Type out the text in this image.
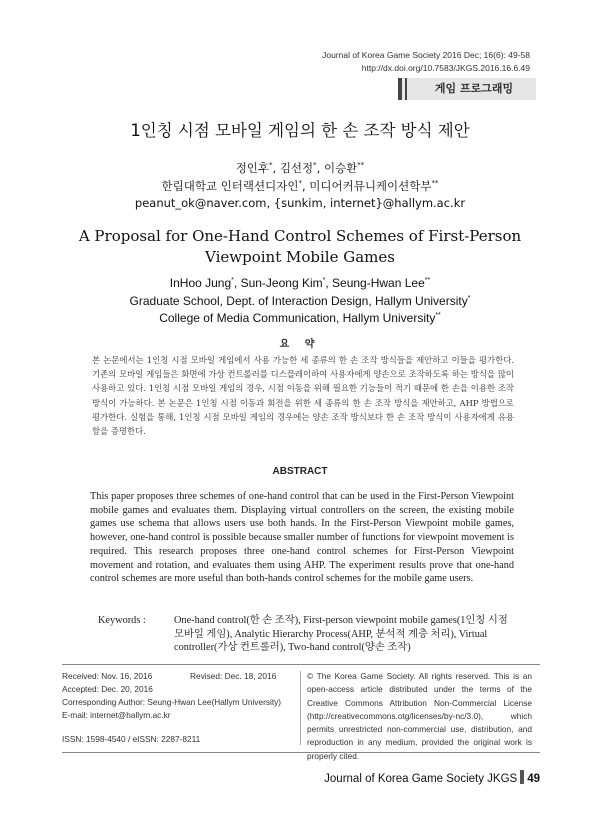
Journal of Korea Game Society 2016 Dec; 16(6): 49-58
http://dx.doi.org/10.7583/JKGS.2016.16.6.49
게임 프로그래밍
1인칭 시점 모바일 게임의 한 손 조작 방식 제안
정인후*, 김선정*, 이승환**
한림대학교 인터랙션디자인*, 미디어커뮤니케이션학부**
peanut_ok@naver.com, {sunkim, internet}@hallym.ac.kr
A Proposal for One-Hand Control Schemes of First-Person Viewpoint Mobile Games
InHoo Jung*, Sun-Jeong Kim*, Seung-Hwan Lee**
Graduate School, Dept. of Interaction Design, Hallym University*
College of Media Communication, Hallym University**
요 약
본 논문에서는 1인칭 시점 모바일 게임에서 사용 가능한 세 종류의 한 손 조작 방식들을 제안하고 이들을 평가한다. 기존의 모바일 게임들은 화면에 가상 컨트롤러를 디스플레이하여 사용자에게 양손으로 조작하도록 하는 방식을 많이 사용하고 있다. 1인칭 시점 모바일 게임의 경우, 시점 이동을 위해 필요한 기능들이 적기 때문에 한 손을 이용한 조작 방식이 가능하다. 본 논문은 1인칭 시점 이동과 회전을 위한 세 종류의 한 손 조작 방식을 제안하고, AHP 방법으로 평가한다. 실험을 통해, 1인칭 시점 모바일 게임의 경우에는 양손 조작 방식보다 한 손 조작 방식이 사용자에게 유용함을 증명한다.
ABSTRACT
This paper proposes three schemes of one-hand control that can be used in the First-Person Viewpoint mobile games and evaluates them. Displaying virtual controllers on the screen, the existing mobile games use schema that allows users use both hands. In the First-Person Viewpoint mobile games, however, one-hand control is possible because smaller number of functions for viewpoint movement is required. This research proposes three one-hand control schemes for First-Person Viewpoint movement and rotation, and evaluates them using AHP. The experiment results prove that one-hand control schemes are more useful than both-hands control schemes for the mobile game users.
Keywords :	One-hand control(한 손 조작), First-person viewpoint mobile games(1인칭 시점 모바일 게임), Analytic Hierarchy Process(AHP, 분석적 계층 처리), Virtual controller(가상 컨트롤러), Two-hand control(양손 조작)
Received: Nov. 16, 2016	Revised: Dec. 18, 2016
Accepted: Dec. 20, 2016
Corresponding Author: Seung-Hwan Lee(Hallym University)
E-mail: internet@hallym.ac.kr
ISSN: 1598-4540 / eISSN: 2287-8211
© The Korea Game Society. All rights reserved. This is an open-access article distributed under the terms of the Creative Commons Attribution Non-Commercial License (http://creativecommons.otg/licenses/by-nc/3.0), which permits unrestricted non-commercial use, distribution, and reproduction in any medium, provided the original work is properly cited.
Journal of Korea Game Society JKGS 49
